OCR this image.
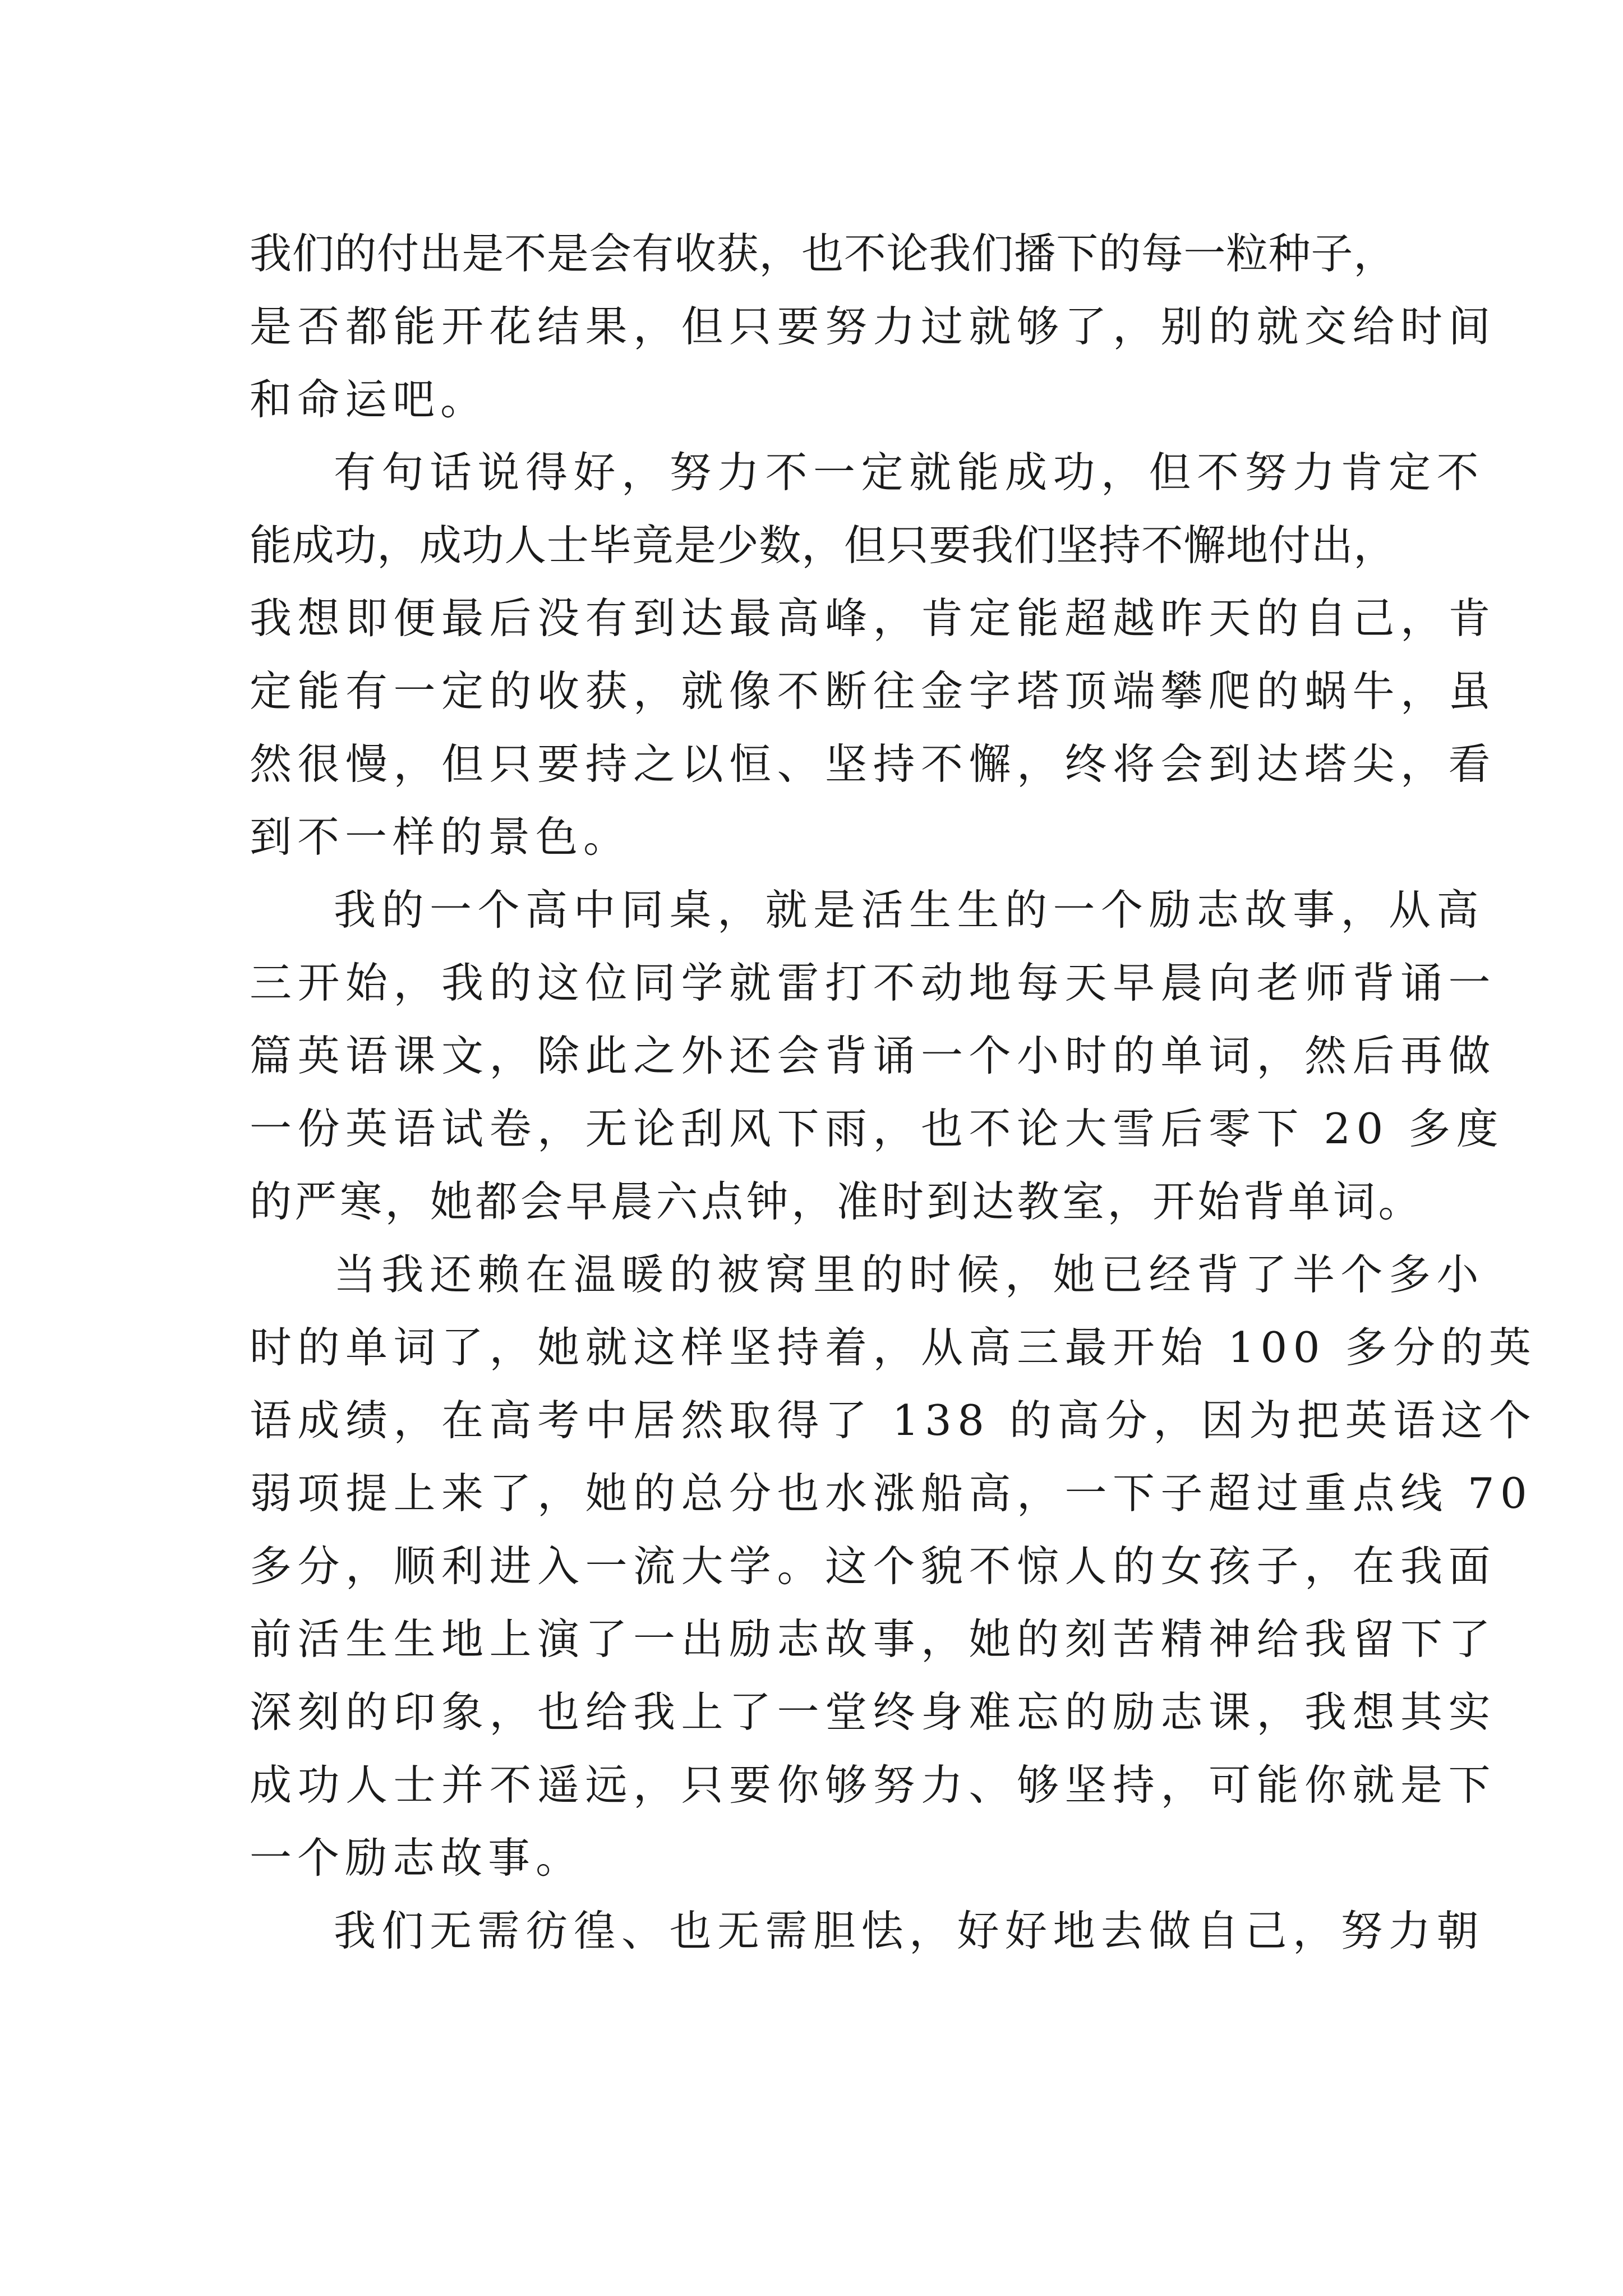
我们的付出是不是会有收获，也不论我们播下的每一粒种子，
是否都能开花结果，但只要努力过就够了，别的就交给时间
和命运吧。
有句话说得好，努力不一定就能成功，但不努力肯定不
能成功，成功人士毕竟是少数，但只要我们坚持不懈地付出，
我想即便最后没有到达最高峰，肯定能超越昨天的自己，肯
定能有一定的收获，就像不断往金字塔顶端攀爬的蜗牛，虽
然很慢，但只要持之以恒、坚持不懈，终将会到达塔尖，看
到不一样的景色。
我的一个高中同桌，就是活生生的一个励志故事，从高
三开始，我的这位同学就雷打不动地每天早晨向老师背诵一
篇英语课文，除此之外还会背诵一个小时的单词，然后再做
一份英语试卷，无论刮风下雨，也不论大雪后零下 20 多度
的严寒，她都会早晨六点钟，准时到达教室，开始背单词。
当我还赖在温暖的被窝里的时候，她已经背了半个多小
时的单词了，她就这样坚持着，从高三最开始 100 多分的英
语成绩，在高考中居然取得了 138 的高分，因为把英语这个
弱项提上来了，她的总分也水涨船高，一下子超过重点线 70
多分，顺利进入一流大学。这个貌不惊人的女孩子，在我面
前活生生地上演了一出励志故事，她的刻苦精神给我留下了
深刻的印象，也给我上了一堂终身难忘的励志课，我想其实
成功人士并不遥远，只要你够努力、够坚持，可能你就是下
一个励志故事。
我们无需彷徨、也无需胆怯，好好地去做自己，努力朝
